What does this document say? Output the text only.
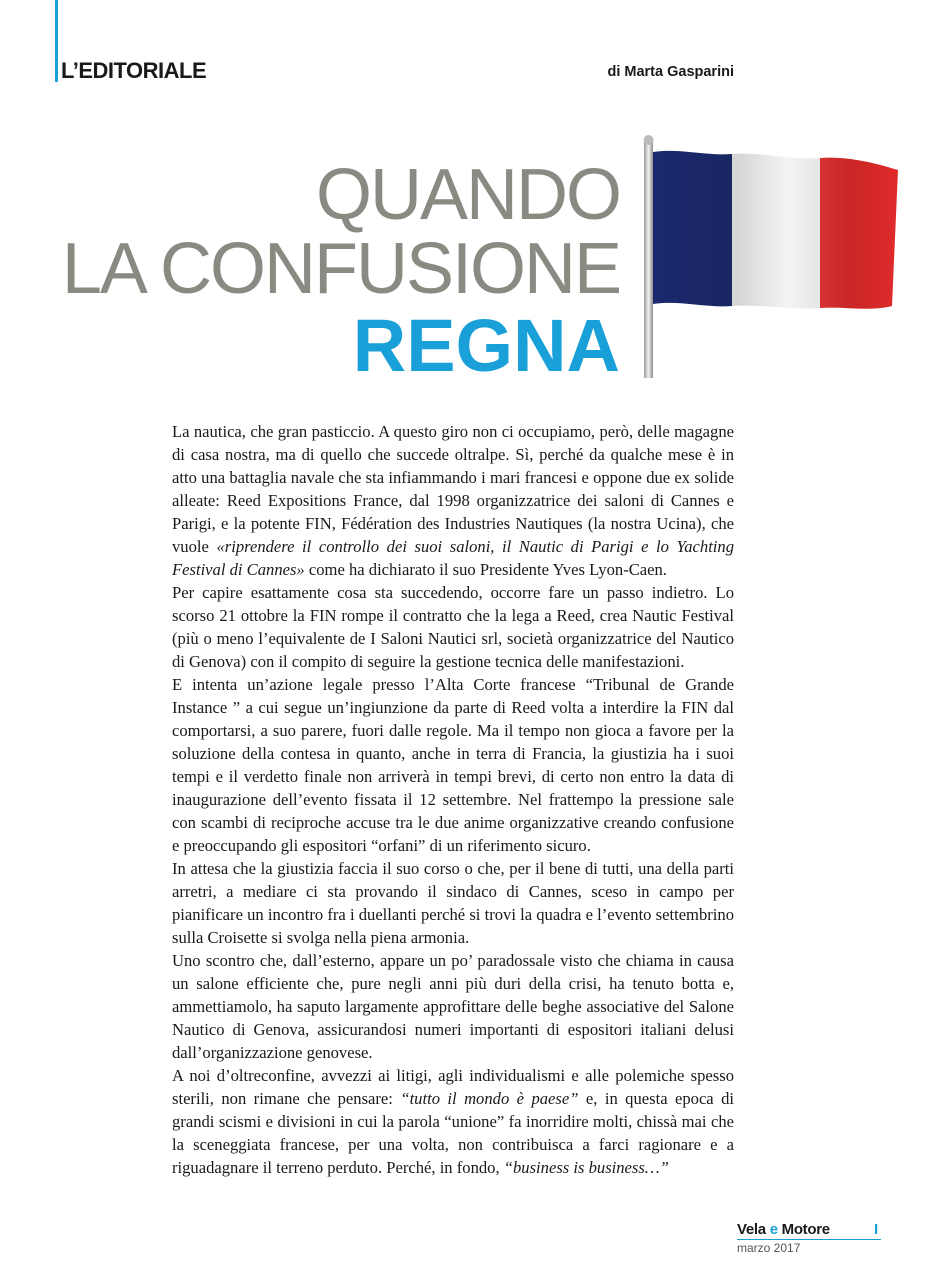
L’EDITORIALE	di Marta Gasparini
QUANDO
LA CONFUSIONE
REGNA

La nautica, che gran pasticcio. A questo giro non ci occupiamo, però, delle magagne di casa nostra, ma di quello che succede oltralpe. Sì, perché da qualche mese è in atto una battaglia navale che sta infiammando i mari francesi e oppone due ex solide alleate: Reed Expositions France, dal 1998 organizzatrice dei saloni di Cannes e Parigi, e la potente FIN, Fédération des Industries Nautiques (la nostra Ucina), che vuole «riprendere il controllo dei suoi saloni, il Nautic di Parigi e lo Yachting Festival di Cannes» come ha dichiarato il suo Presidente Yves Lyon-Caen.

Per capire esattamente cosa sta succedendo, occorre fare un passo indietro. Lo scorso 21 ottobre la FIN rompe il contratto che la lega a Reed, crea Nautic Festival (più o meno l’equivalente de I Saloni Nautici srl, società organizzatrice del Nautico di Genova) con il compito di seguire la gestione tecnica delle manifestazioni.

E intenta un’azione legale presso l’Alta Corte francese “Tribunal de Grande Instance ” a cui segue un’ingiunzione da parte di Reed volta a interdire la FIN dal comportarsi, a suo parere, fuori dalle regole. Ma il tempo non gioca a favore per la soluzione della contesa in quanto, anche in terra di Francia, la giustizia ha i suoi tempi e il verdetto finale non arriverà in tempi brevi, di certo non entro la data di inaugurazione dell’evento fissata il 12 settembre. Nel frattempo la pressione sale con scambi di reciproche accuse tra le due anime organizzative creando confusione e preoccupando gli espositori “orfani” di un riferimento sicuro.

In attesa che la giustizia faccia il suo corso o che, per il bene di tutti, una della parti arretri, a mediare ci sta provando il sindaco di Cannes, sceso in campo per pianificare un incontro fra i duellanti perché si trovi la quadra e l’evento settembrino sulla Croisette si svolga nella piena armonia.

Uno scontro che, dall’esterno, appare un po’ paradossale visto che chiama in causa un salone efficiente che, pure negli anni più duri della crisi, ha tenuto botta e, ammettiamolo, ha saputo largamente approfittare delle beghe associative del Salone Nautico di Genova, assicurandosi numeri importanti di espositori italiani delusi dall’organizzazione genovese.

A noi d’oltreconfine, avvezzi ai litigi, agli individualismi e alle polemiche spesso sterili, non rimane che pensare: “tutto il mondo è paese” e, in questa epoca di grandi scismi e divisioni in cui la parola “unione” fa inorridire molti, chissà mai che la sceneggiata francese, per una volta, non contribuisca a farci ragionare e a riguadagnare il terreno perduto. Perché, in fondo, “business is business…”

Vela e Motore	I
marzo 2017
